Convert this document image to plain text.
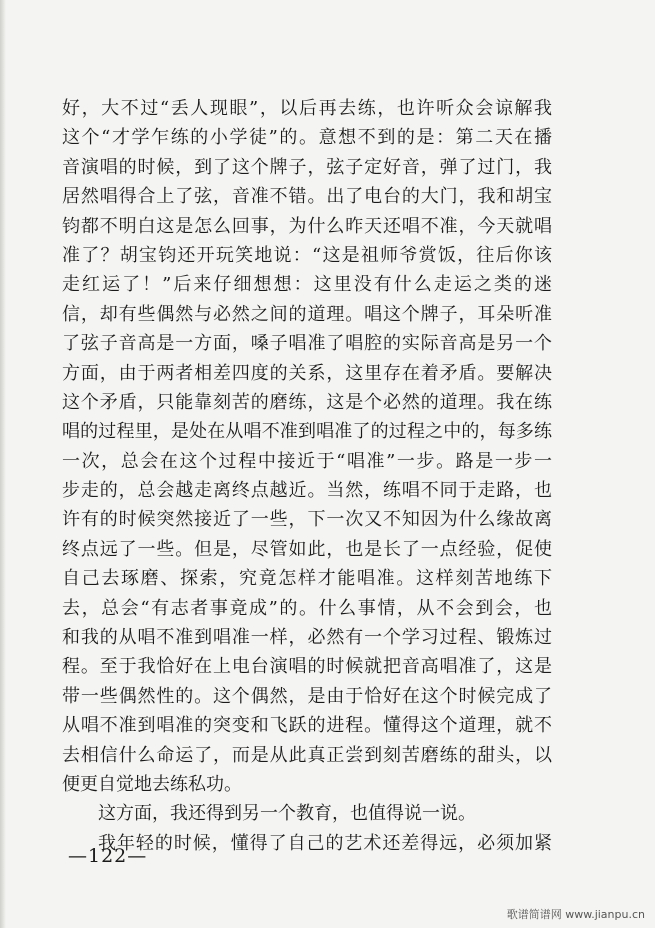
好，大不过“丢人现眼”，以后再去练，也许听众会谅解我
这个“才学乍练的小学徒”的。意想不到的是：第二天在播
音演唱的时候，到了这个牌子，弦子定好音，弹了过门，我
居然唱得合上了弦，音准不错。出了电台的大门，我和胡宝
钧都不明白这是怎么回事，为什么昨天还唱不准，今天就唱
准了？胡宝钧还开玩笑地说：“这是祖师爷赏饭，往后你该
走红运了！”后来仔细想想：这里没有什么走运之类的迷
信，却有些偶然与必然之间的道理。唱这个牌子，耳朵听准
了弦子音高是一方面，嗓子唱准了唱腔的实际音高是另一个
方面，由于两者相差四度的关系，这里存在着矛盾。要解决
这个矛盾，只能靠刻苦的磨练，这是个必然的道理。我在练
唱的过程里，是处在从唱不准到唱准了的过程之中的，每多练
一次，总会在这个过程中接近于“唱准”一步。路是一步一
步走的，总会越走离终点越近。当然，练唱不同于走路，也
许有的时候突然接近了一些，下一次又不知因为什么缘故离
终点远了一些。但是，尽管如此，也是长了一点经验，促使
自己去琢磨、探索，究竟怎样才能唱准。这样刻苦地练下
去，总会“有志者事竟成”的。什么事情，从不会到会，也
和我的从唱不准到唱准一样，必然有一个学习过程、锻炼过
程。至于我恰好在上电台演唱的时候就把音高唱准了，这是
带一些偶然性的。这个偶然，是由于恰好在这个时候完成了
从唱不准到唱准的突变和飞跃的进程。懂得这个道理，就不
去相信什么命运了，而是从此真正尝到刻苦磨练的甜头，以
便更自觉地去练私功。
这方面，我还得到另一个教育，也值得说一说。
我年轻的时候，懂得了自己的艺术还差得远，必须加紧
—122—
歌谱简谱网 www.jianpu.cn
